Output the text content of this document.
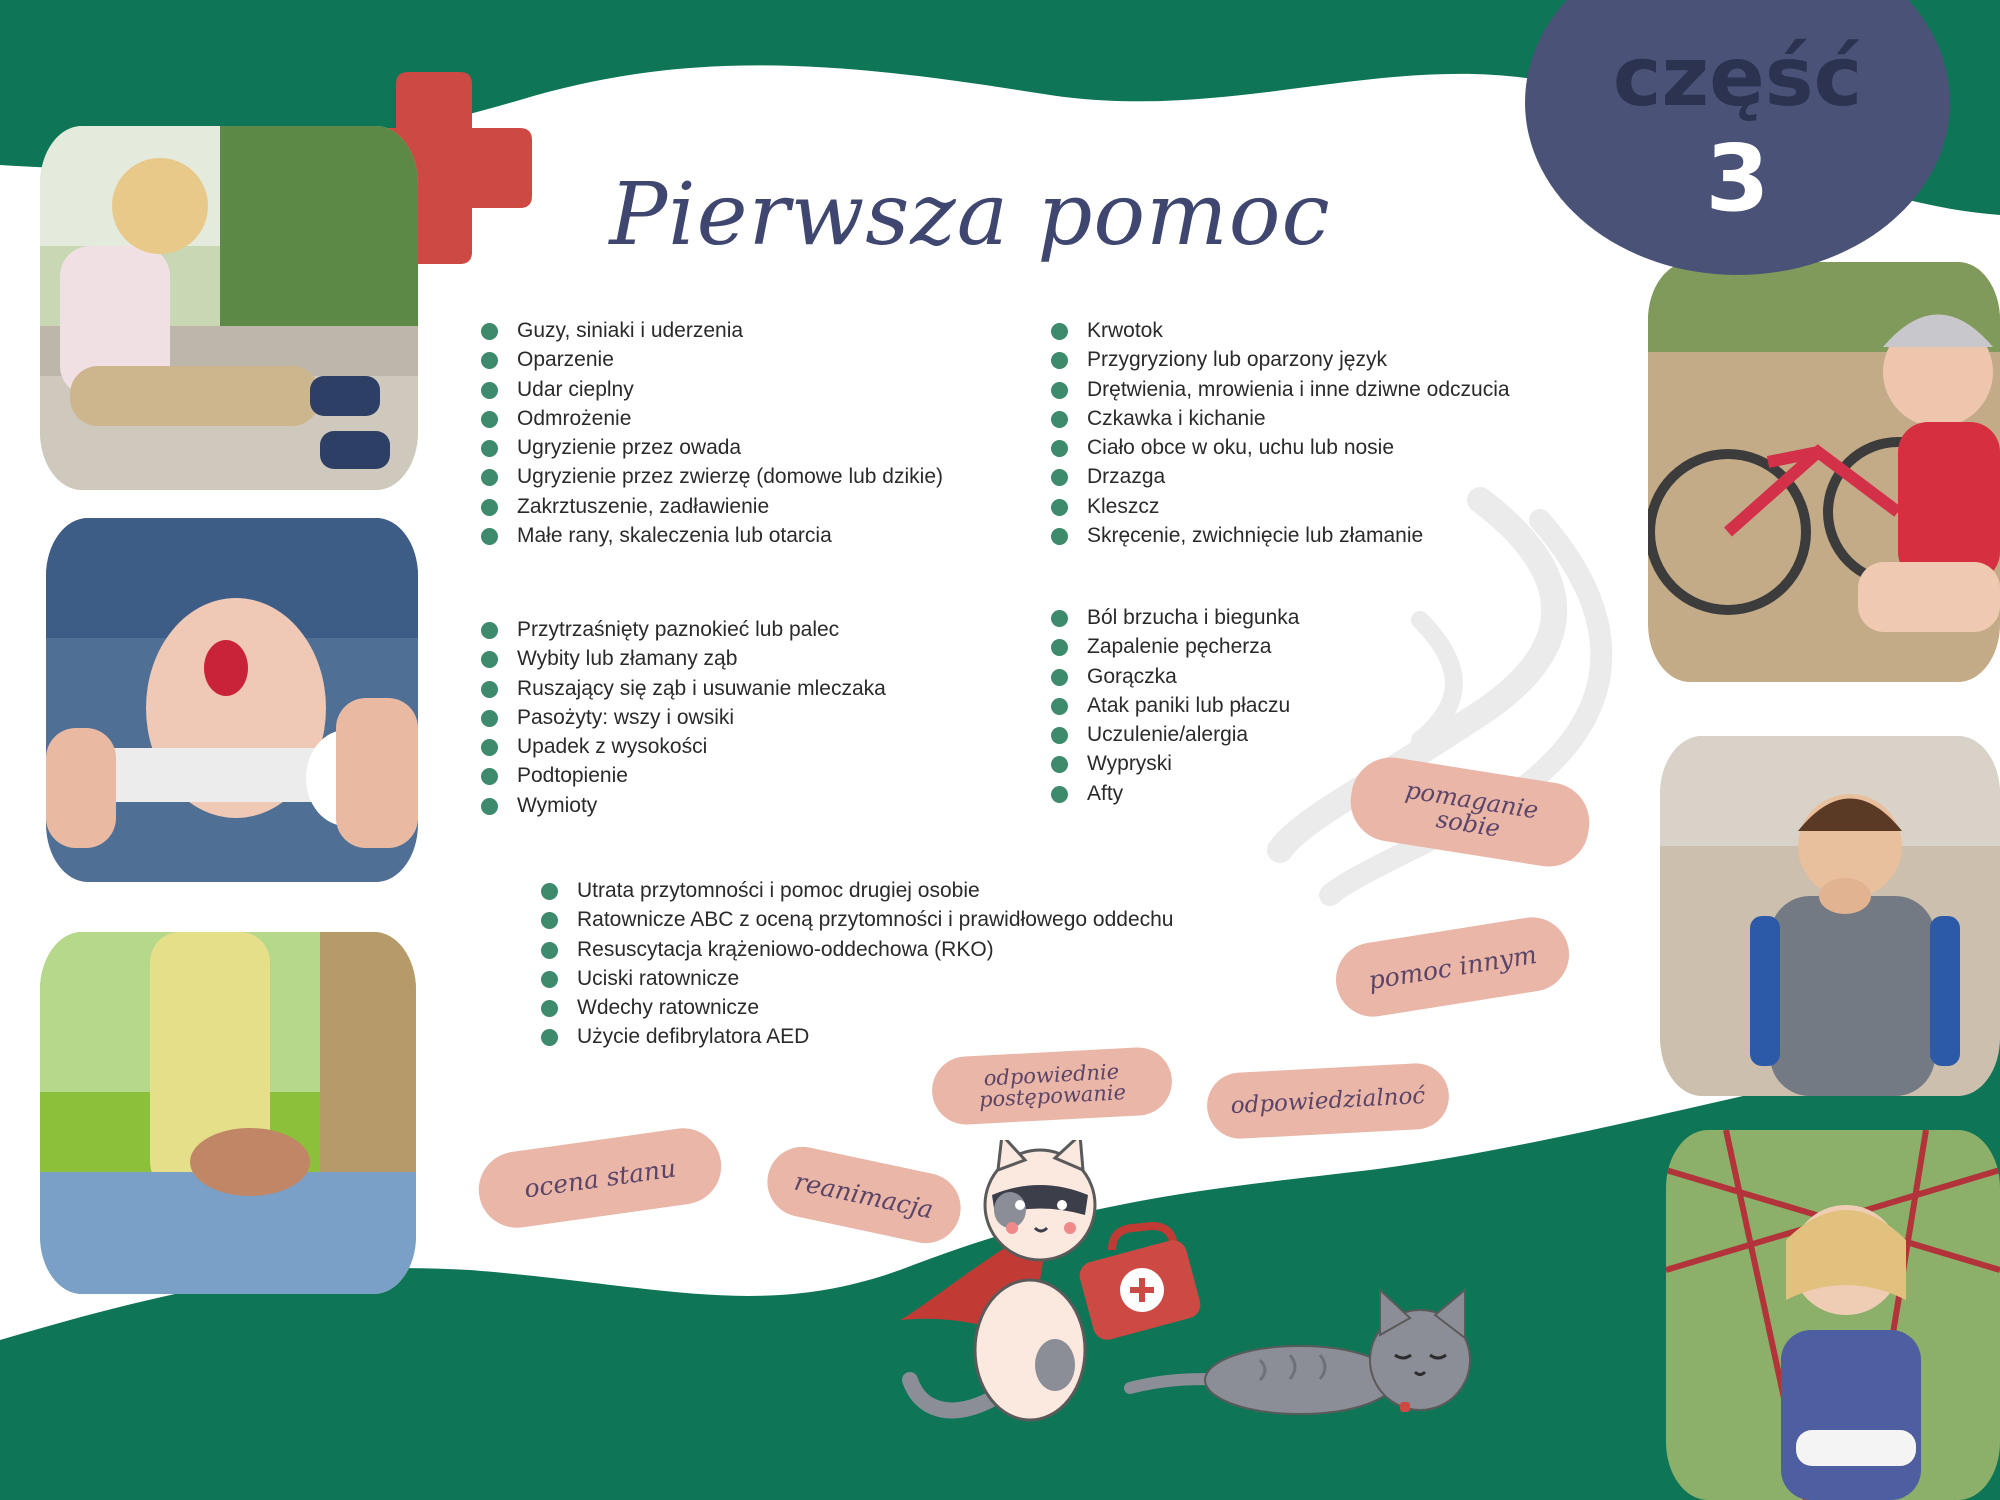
Pierwsza pomoc
część
3
Guzy, siniaki i uderzenia
Oparzenie
Udar cieplny
Odmrożenie
Ugryzienie przez owada
Ugryzienie przez zwierzę (domowe lub dzikie)
Zakrztuszenie, zadławienie
Małe rany, skaleczenia lub otarcia
Krwotok
Przygryziony lub oparzony język
Drętwienia, mrowienia i inne dziwne odczucia
Czkawka i kichanie
Ciało obce w oku, uchu lub nosie
Drzazga
Kleszcz
Skręcenie, zwichnięcie lub złamanie
Przytrzaśnięty paznokieć lub palec
Wybity lub złamany ząb
Ruszający się ząb i usuwanie mleczaka
Pasożyty: wszy i owsiki
Upadek z wysokości
Podtopienie
Wymioty
Ból brzucha i biegunka
Zapalenie pęcherza
Gorączka
Atak paniki lub płaczu
Uczulenie/alergia
Wypryski
Afty
Utrata przytomności i pomoc drugiej osobie
Ratownicze ABC z oceną przytomności i prawidłowego oddechu
Resuscytacja krążeniowo-oddechowa (RKO)
Uciski ratownicze
Wdechy ratownicze
Użycie defibrylatora AED
pomaganie sobie
pomoc innym
odpowiednie postępowanie	odpowiedzialnoć
ocena stanu	reanimacja
